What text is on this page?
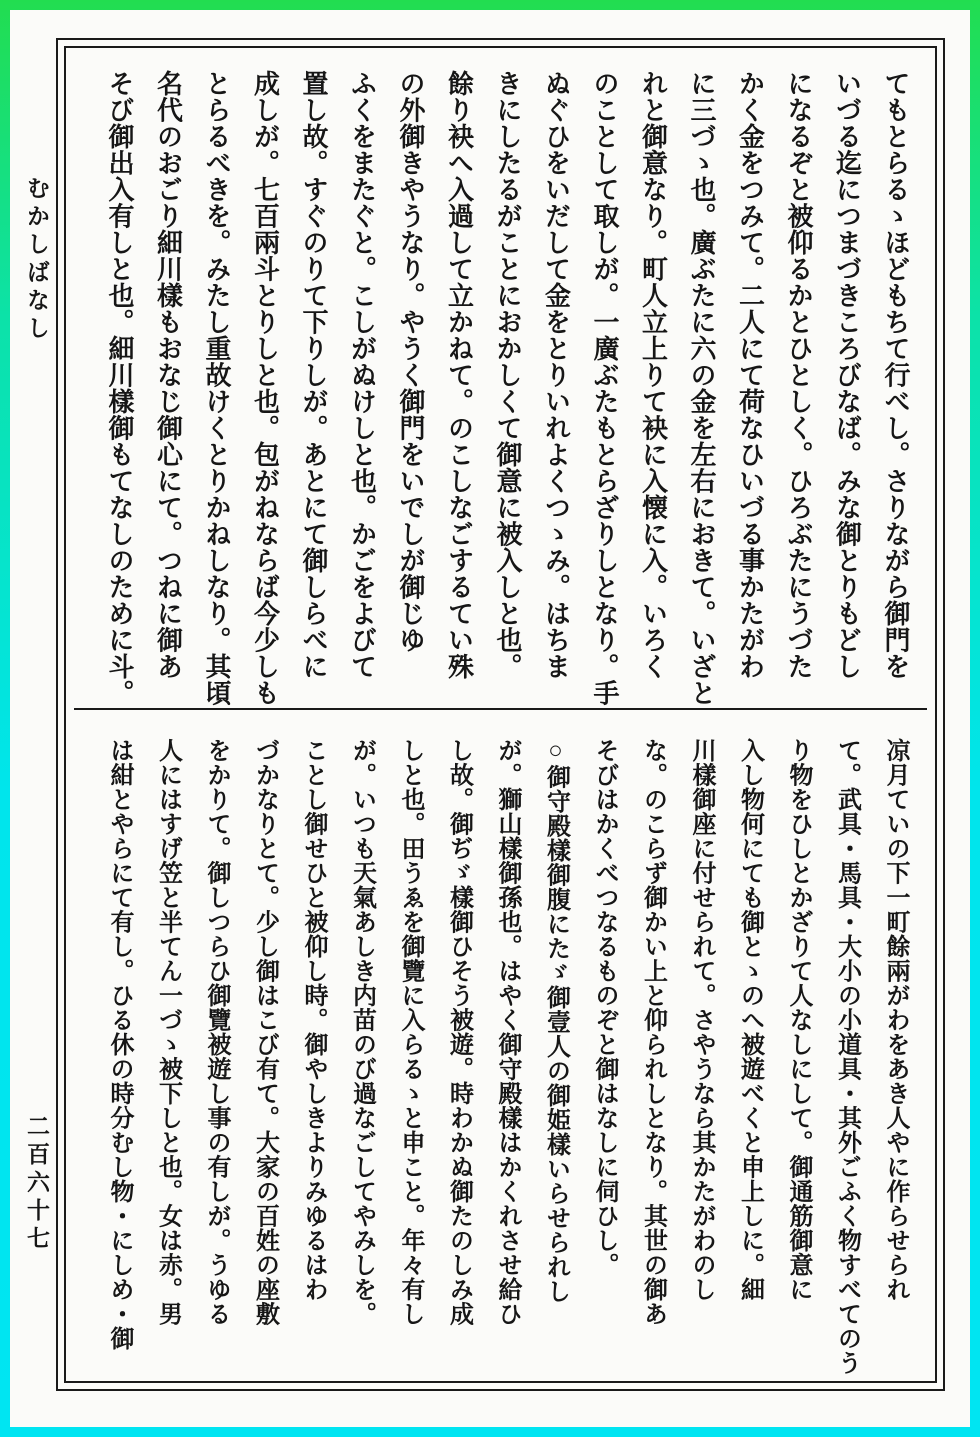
むかしばなし
二百六十七
てもとらるゝほどもちて行べし。さりながら御門を
いづる迄につまづきころびなば。みな御とりもどし
になるぞと被仰るかとひとしく。ひろぶたにうづた
かく金をつみて。二人にて荷なひいづる事かたがわ
に三づゝ也。廣ぶたに六の金を左右におきて。いざと
れと御意なり。町人立上りて袂に入懐に入。いろく
のことして取しが。一廣ぶたもとらざりしとなり。手
ぬぐひをいだして金をとりいれよくつゝみ。はちま
きにしたるがことにおかしくて御意に被入しと也。
餘り袂へ入過して立かねて。のこしなごするてい殊
の外御きやうなり。やうく御門をいでしが御じゆ
ふくをまたぐと。こしがぬけしと也。かごをよびて
置し故。すぐのりて下りしが。あとにて御しらべに
成しが。七百兩斗とりしと也。包がねならば今少しも
とらるべきを。みたし重故けくとりかねしなり。其頃
名代のおごり細川樣もおなじ御心にて。つねに御あ
そび御出入有しと也。細川樣御もてなしのために斗。
凉月ていの下一町餘兩がわをあき人やに作らせられ
て。武具・馬具・大小の小道具・其外ごふく物すべてのう
り物をひしとかざりて人なしにして。御通筋御意に
入し物何にても御とゝのへ被遊べくと申上しに。細
川樣御座に付せられて。さやうなら其かたがわのし
な。のこらず御かい上と仰られしとなり。其世の御あ
そびはかくべつなるものぞと御はなしに伺ひし。
○御守殿樣御腹にたゞ御壹人の御姫樣いらせられし
が。獅山樣御孫也。はやく御守殿樣はかくれさせ給ひ
し故。御ぢゞ樣御ひそう被遊。時わかぬ御たのしみ成
しと也。田うゑを御覽に入らるゝと申こと。年々有し
が。いつも天氣あしき内苗のび過なごしてやみしを。
ことし御せひと被仰し時。御やしきよりみゆるはわ
づかなりとて。少し御はこび有て。大家の百姓の座敷
をかりて。御しつらひ御覽被遊し事の有しが。うゆる
人にはすげ笠と半てん一づゝ被下しと也。女は赤。男
は紺とやらにて有し。ひる休の時分むし物・にしめ・御
